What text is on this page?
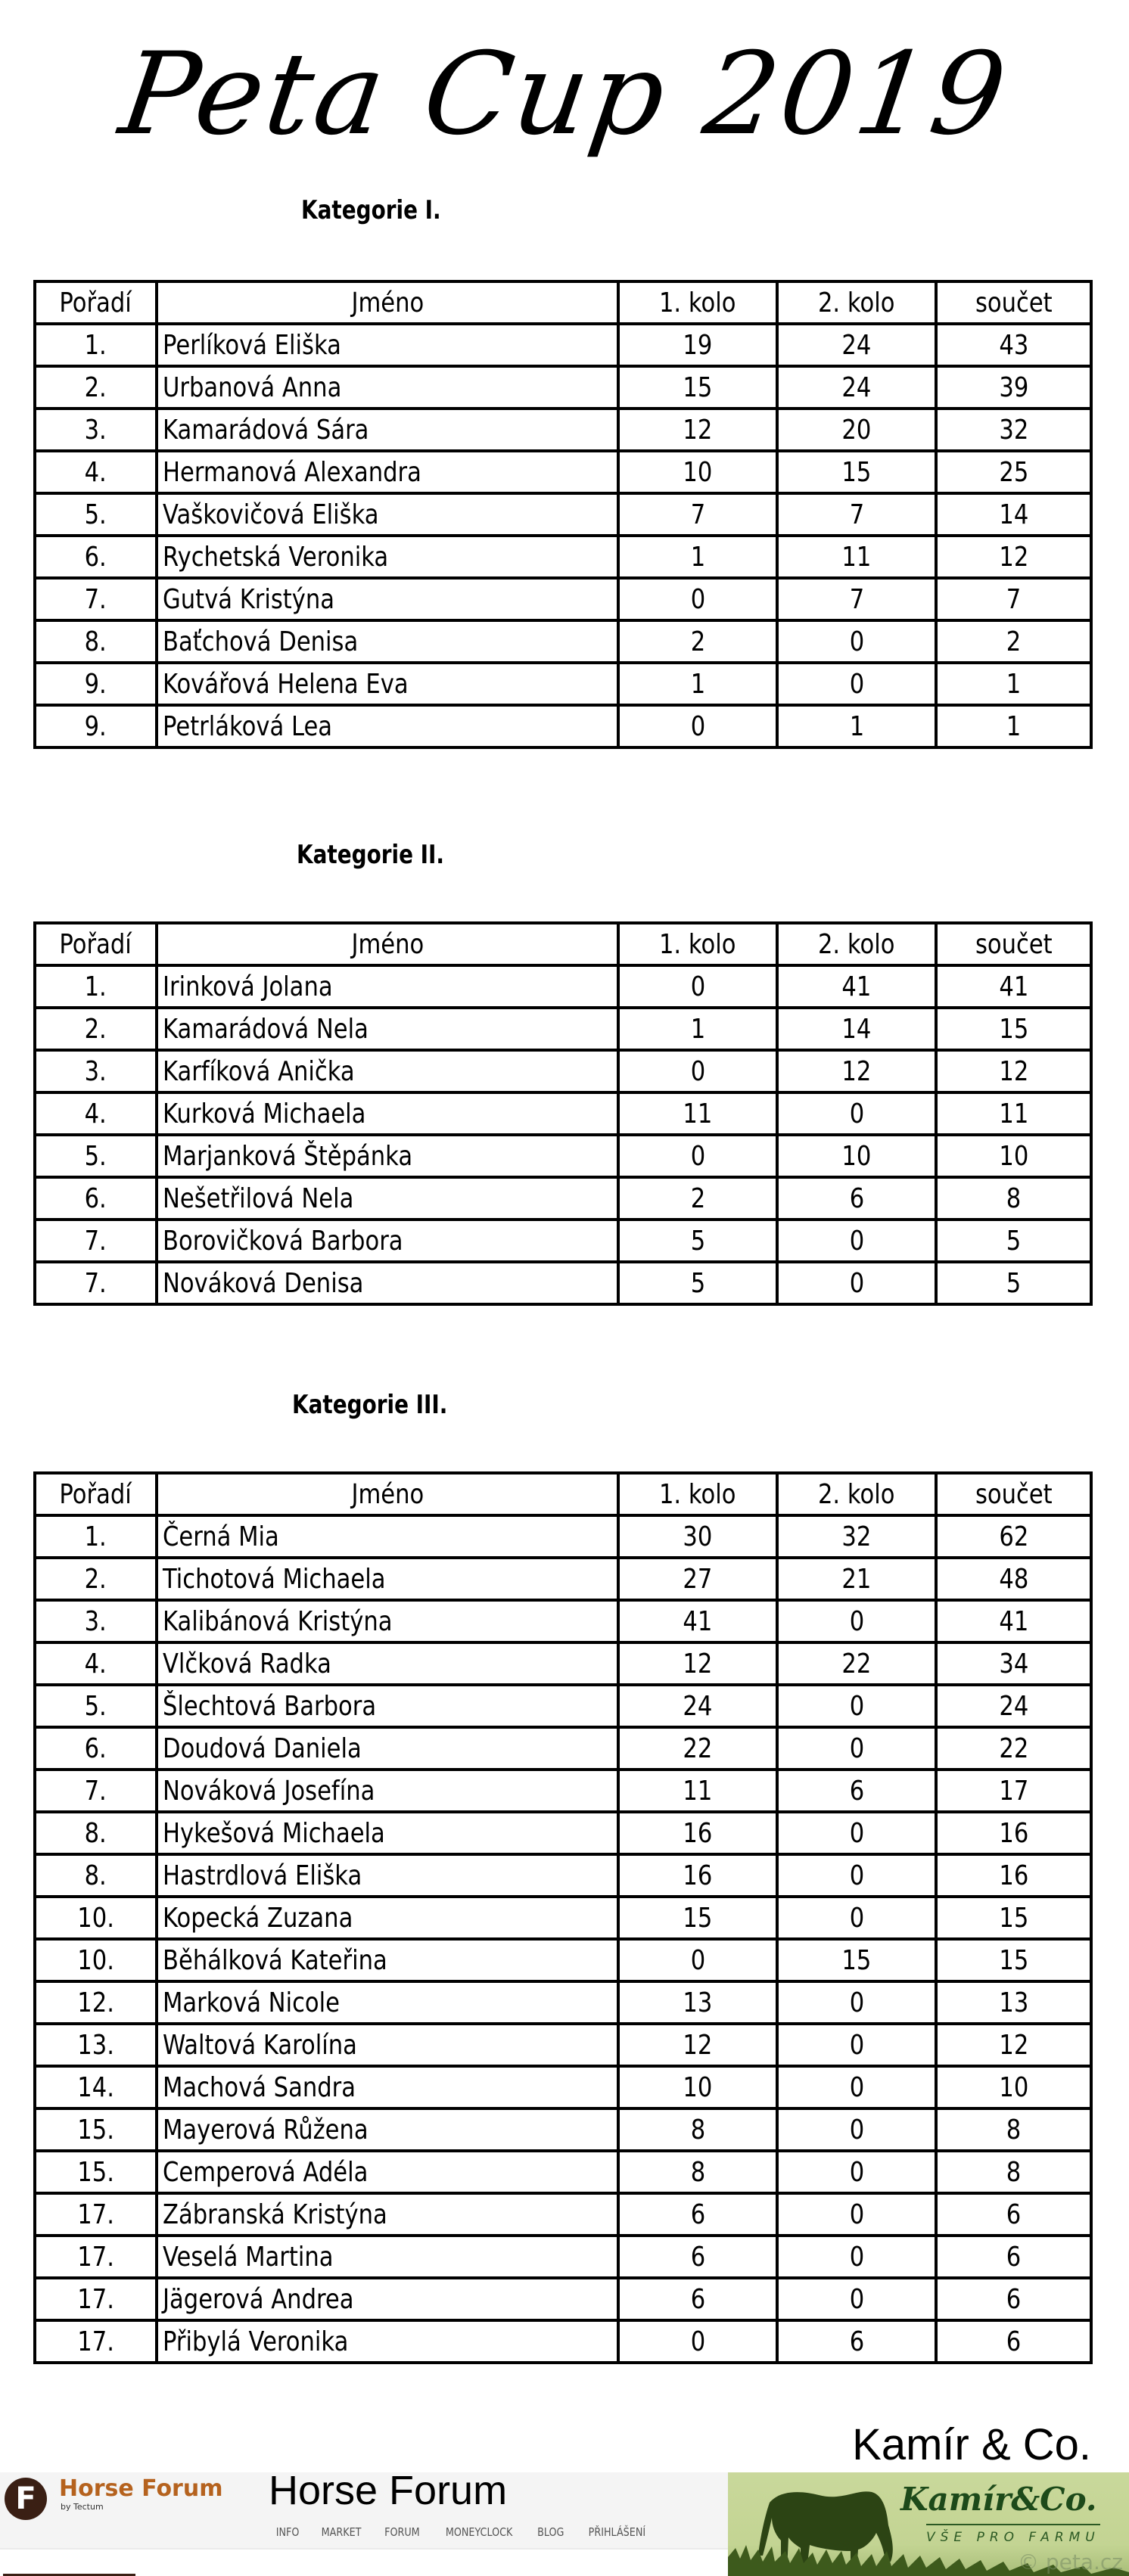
Peta Cup 2019
Kategorie I.
Pořadí	Jméno	1. kolo	2. kolo	součet
1.	Perlíková Eliška	19	24	43
2.	Urbanová Anna	15	24	39
3.	Kamarádová Sára	12	20	32
4.	Hermanová Alexandra	10	15	25
5.	Vaškovičová Eliška	7	7	14
6.	Rychetská Veronika	1	11	12
7.	Gutvá Kristýna	0	7	7
8.	Baťchová Denisa	2	0	2
9.	Kovářová Helena Eva	1	0	1
9.	Petrláková Lea	0	1	1
Kategorie II.
Pořadí	Jméno	1. kolo	2. kolo	součet
1.	Irinková Jolana	0	41	41
2.	Kamarádová Nela	1	14	15
3.	Karfíková Anička	0	12	12
4.	Kurková Michaela	11	0	11
5.	Marjanková Štěpánka	0	10	10
6.	Nešetřilová Nela	2	6	8
7.	Borovičková Barbora	5	0	5
7.	Nováková Denisa	5	0	5
Kategorie III.
Pořadí	Jméno	1. kolo	2. kolo	součet
1.	Černá Mia	30	32	62
2.	Tichotová Michaela	27	21	48
3.	Kalibánová Kristýna	41	0	41
4.	Vlčková Radka	12	22	34
5.	Šlechtová Barbora	24	0	24
6.	Doudová Daniela	22	0	22
7.	Nováková Josefína	11	6	17
8.	Hykešová Michaela	16	0	16
8.	Hastrdlová Eliška	16	0	16
10.	Kopecká Zuzana	15	0	15
10.	Běhálková Kateřina	0	15	15
12.	Marková Nicole	13	0	13
13.	Waltová Karolína	12	0	12
14.	Machová Sandra	10	0	10
15.	Mayerová Růžena	8	0	8
15.	Cemperová Adéla	8	0	8
17.	Zábranská Kristýna	6	0	6
17.	Veselá Martina	6	0	6
17.	Jägerová Andrea	6	0	6
17.	Přibylá Veronika	0	6	6
Kamír & Co.
F	Horse Forum
by Tectum	Horse Forum
INFO MARKET FORUM MONEYCLOCK BLOG PŘIHLÁŠENÍ
Kamír&Co.
VŠE PRO FARMU
© peta.cz
